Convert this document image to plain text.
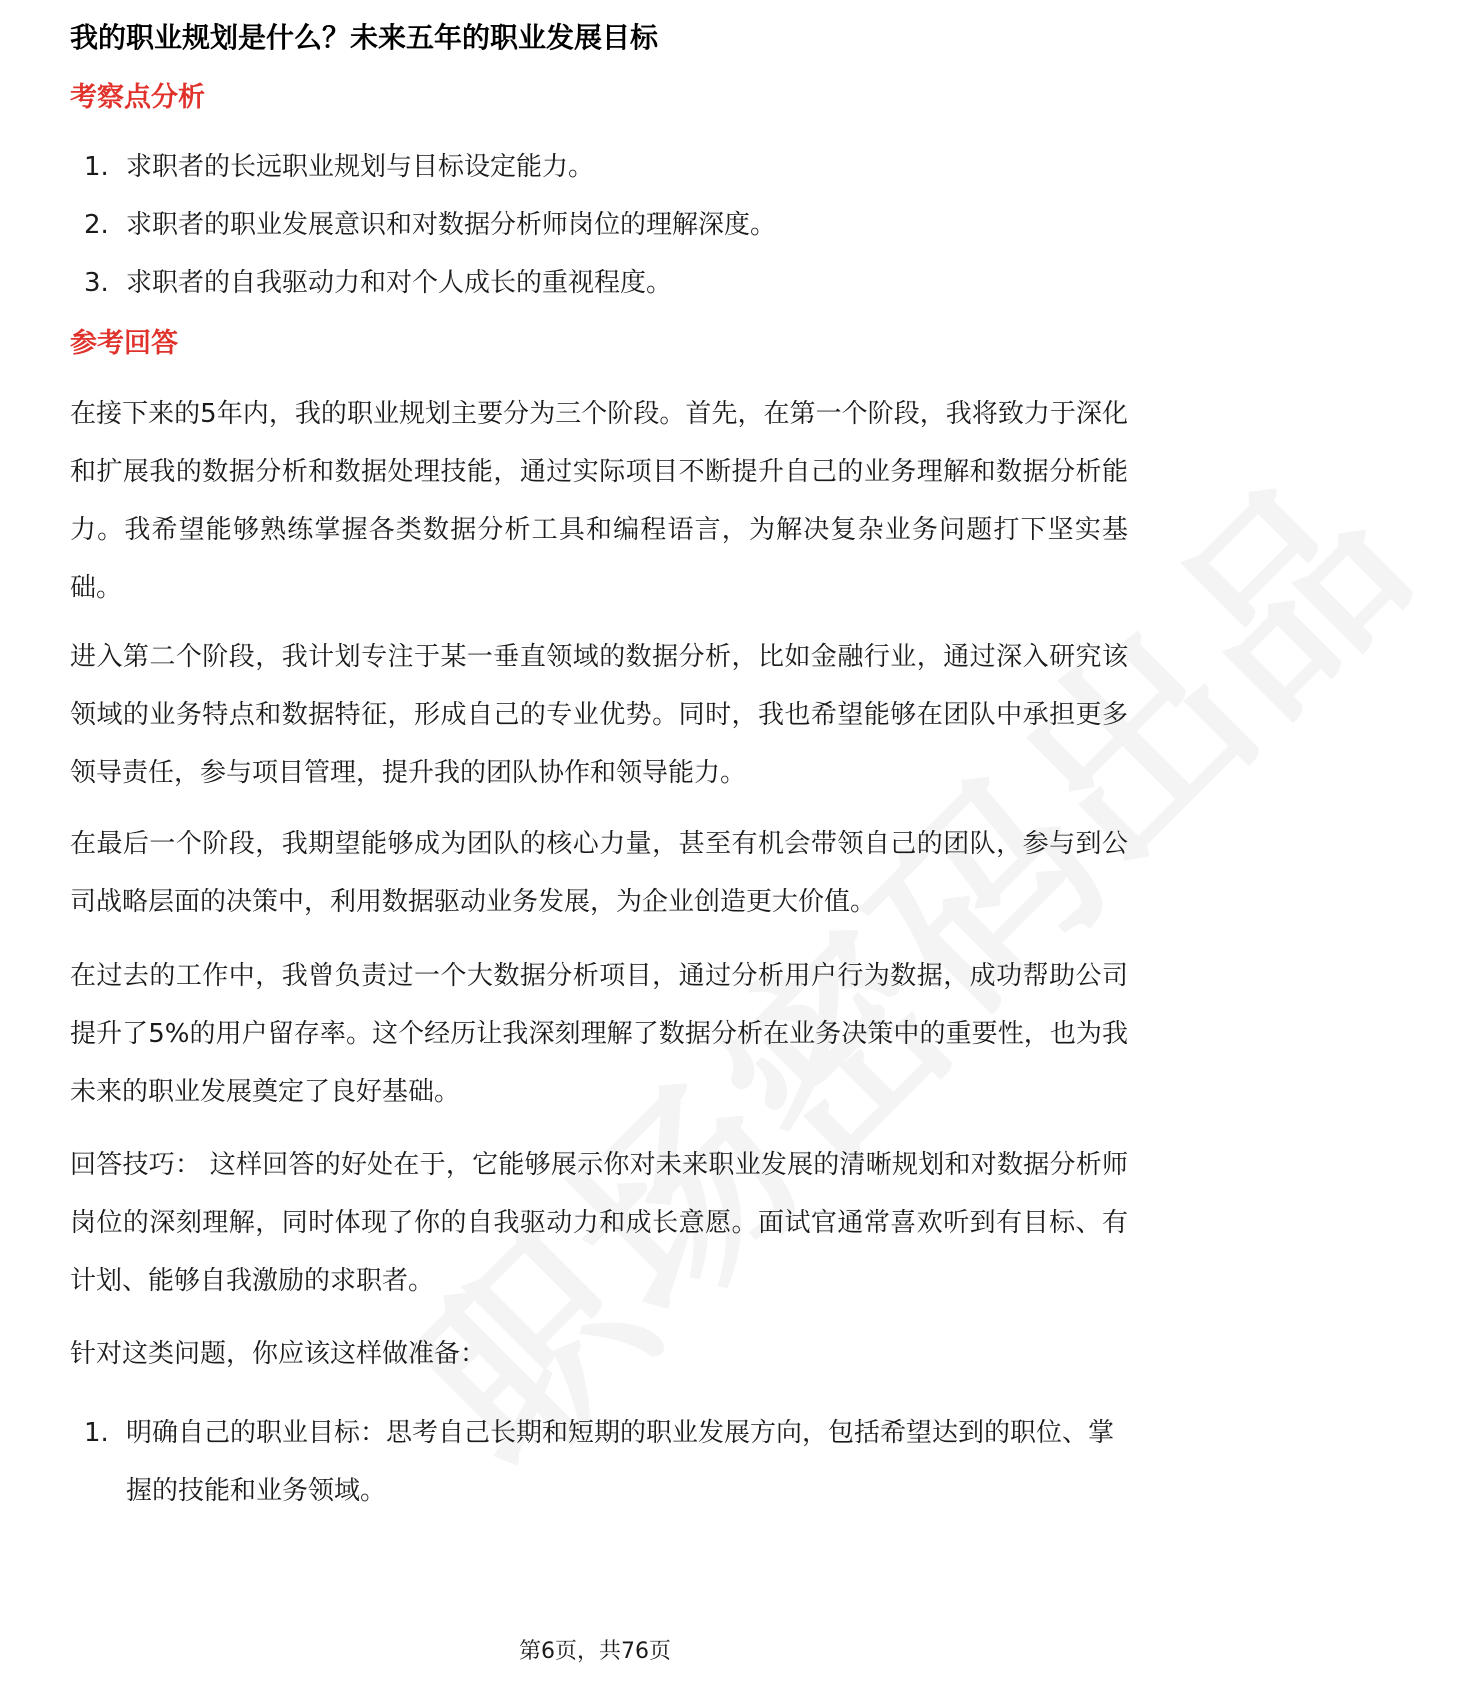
我的职业规划是什么？未来五年的职业发展目标
考察点分析
1. 求职者的长远职业规划与目标设定能力。
2. 求职者的职业发展意识和对数据分析师岗位的理解深度。
3. 求职者的自我驱动力和对个人成长的重视程度。
参考回答
在接下来的5年内，我的职业规划主要分为三个阶段。首先，在第一个阶段，我将致力于深化和扩展我的数据分析和数据处理技能，通过实际项目不断提升自己的业务理解和数据分析能力。我希望能够熟练掌握各类数据分析工具和编程语言，为解决复杂业务问题打下坚实基础。
进入第二个阶段，我计划专注于某一垂直领域的数据分析，比如金融行业，通过深入研究该领域的业务特点和数据特征，形成自己的专业优势。同时，我也希望能够在团队中承担更多领导责任，参与项目管理，提升我的团队协作和领导能力。
在最后一个阶段，我期望能够成为团队的核心力量，甚至有机会带领自己的团队，参与到公司战略层面的决策中，利用数据驱动业务发展，为企业创造更大价值。
在过去的工作中，我曾负责过一个大数据分析项目，通过分析用户行为数据，成功帮助公司提升了5%的用户留存率。这个经历让我深刻理解了数据分析在业务决策中的重要性，也为我未来的职业发展奠定了良好基础。
回答技巧： 这样回答的好处在于，它能够展示你对未来职业发展的清晰规划和对数据分析师岗位的深刻理解，同时体现了你的自我驱动力和成长意愿。面试官通常喜欢听到有目标、有计划、能够自我激励的求职者。
针对这类问题，你应该这样做准备：
1. 明确自己的职业目标：思考自己长期和短期的职业发展方向，包括希望达到的职位、掌握的技能和业务领域。
第6页，共76页
